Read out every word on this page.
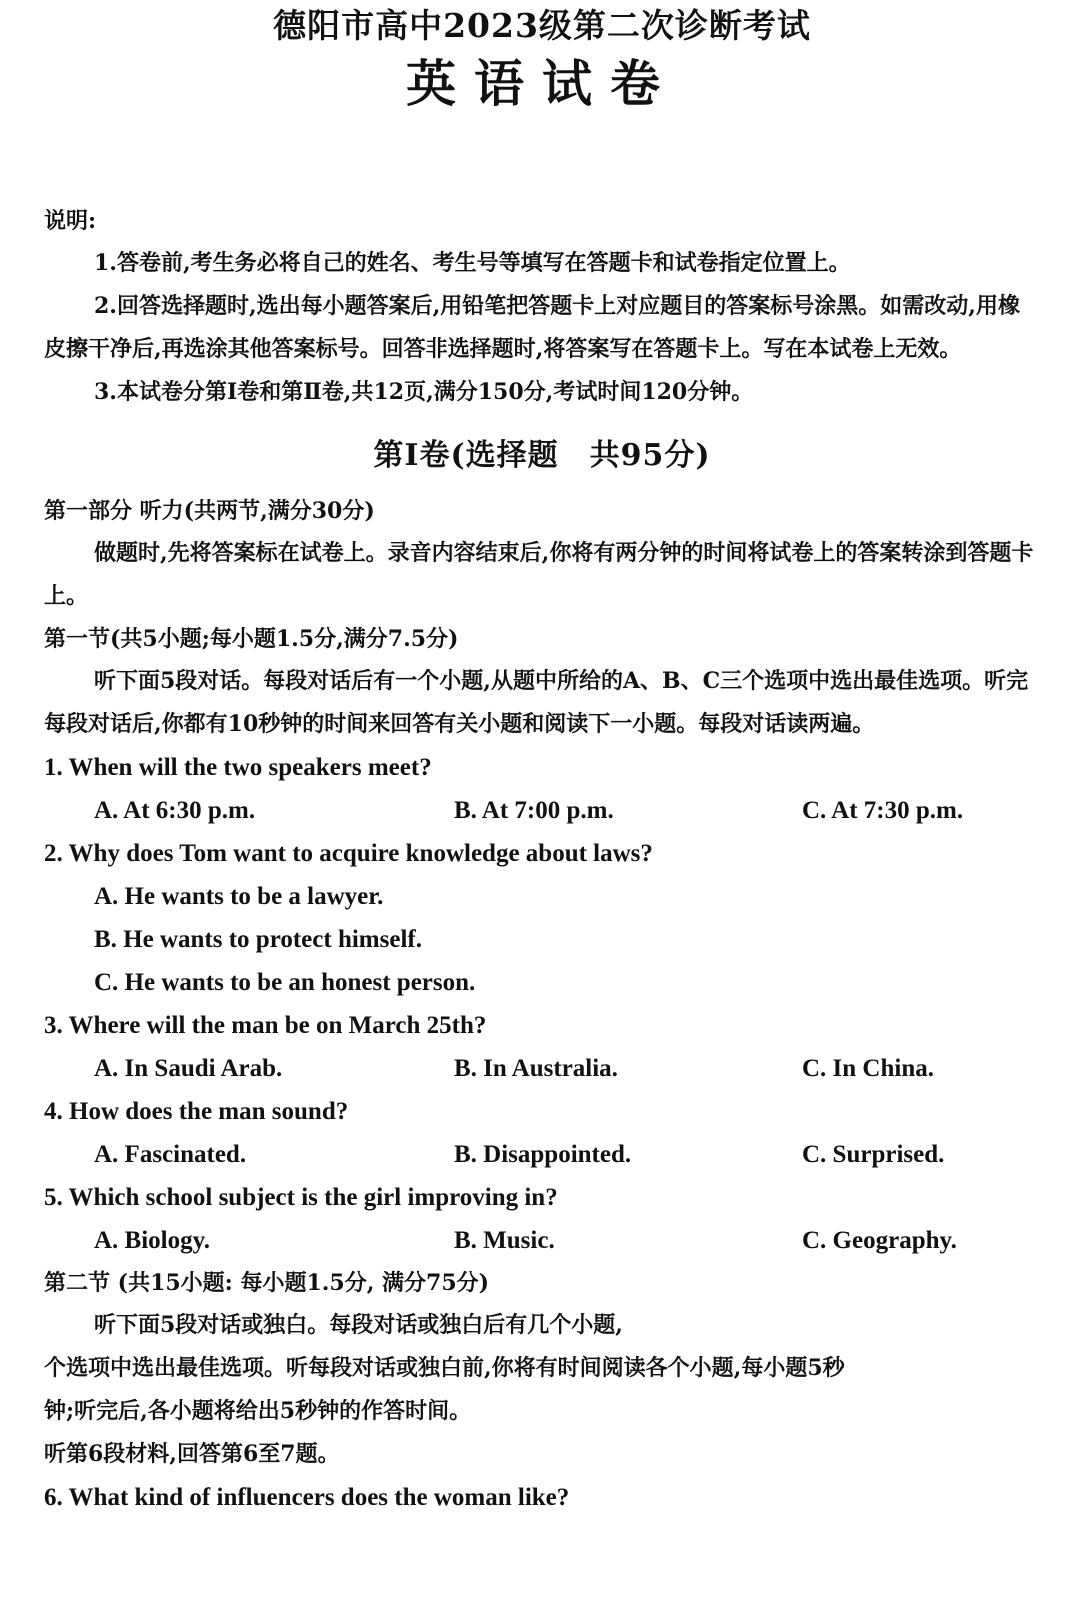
德阳市高中2023级第二次诊断考试
英语试卷

说明:

1.答卷前,考生务必将自己的姓名、考生号等填写在答题卡和试卷指定位置上。

2.回答选择题时,选出每小题答案后,用铅笔把答题卡上对应题目的答案标号涂黑。如需改动,用橡皮擦干净后,再选涂其他答案标号。回答非选择题时,将答案写在答题卡上。写在本试卷上无效。

3.本试卷分第Ⅰ卷和第Ⅱ卷,共12页,满分150分,考试时间120分钟。

第Ⅰ卷(选择题　共95分)

第一部分 听力(共两节,满分30分)

做题时,先将答案标在试卷上。录音内容结束后,你将有两分钟的时间将试卷上的答案转涂到答题卡上。

第一节(共5小题;每小题1.5分,满分7.5分)

听下面5段对话。每段对话后有一个小题,从题中所给的A、B、C三个选项中选出最佳选项。听完每段对话后,你都有10秒钟的时间来回答有关小题和阅读下一小题。每段对话读两遍。

1. When will the two speakers meet?

A. At 6:30 p.m.	B. At 7:00 p.m.	C. At 7:30 p.m.

2. Why does Tom want to acquire knowledge about laws?

A. He wants to be a lawyer.

B. He wants to protect himself.

C. He wants to be an honest person.

3. Where will the man be on March 25th?

A. In Saudi Arab.	B. In Australia.	C. In China.

4. How does the man sound?

A. Fascinated.	B. Disappointed.	C. Surprised.

5. Which school subject is the girl improving in?

A. Biology.	B. Music.	C. Geography.

第二节 (共15小题: 每小题1.5分, 满分75分)

听下面5段对话或独白。每段对话或独白后有几个小题,

个选项中选出最佳选项。听每段对话或独白前,你将有时间阅读各个小题,每小题5秒

钟;听完后,各小题将给出5秒钟的作答时间。

听第6段材料,回答第6至7题。

6. What kind of influencers does the woman like?
